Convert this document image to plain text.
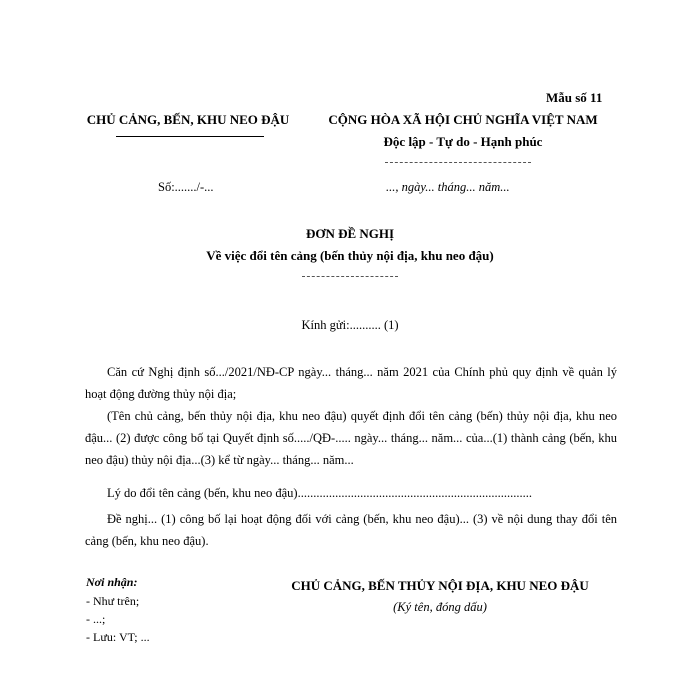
Mẫu số 11
CHỦ CẢNG, BẾN, KHU NEO ĐẬU	CỘNG HÒA XÃ HỘI CHỦ NGHĨA VIỆT NAM
Độc lập - Tự do - Hạnh phúc
Số:......./-...	..., ngày... tháng... năm...
ĐƠN ĐỀ NGHỊ
Về việc đổi tên cảng (bến thủy nội địa, khu neo đậu)
Kính gửi:.......... (1)
Căn cứ Nghị định số.../2021/NĐ-CP ngày... tháng... năm 2021 của Chính phủ quy định về quản lý hoạt động đường thủy nội địa;
(Tên chủ cảng, bến thủy nội địa, khu neo đậu) quyết định đổi tên cảng (bến) thủy nội địa, khu neo đậu... (2) được công bố tại Quyết định số...../QĐ-..... ngày... tháng... năm... của...(1) thành cảng (bến, khu neo đậu) thủy nội địa...(3) kể từ ngày... tháng... năm...
Lý do đổi tên cảng (bến, khu neo đậu)...........................................................................
Đề nghị... (1) công bố lại hoạt động đối với cảng (bến, khu neo đậu)... (3) về nội dung thay đổi tên cảng (bến, khu neo đậu).
Nơi nhận:
- Như trên;
- ...;
- Lưu: VT; ...
CHỦ CẢNG, BẾN THỦY NỘI ĐỊA, KHU NEO ĐẬU
(Ký tên, đóng dấu)
